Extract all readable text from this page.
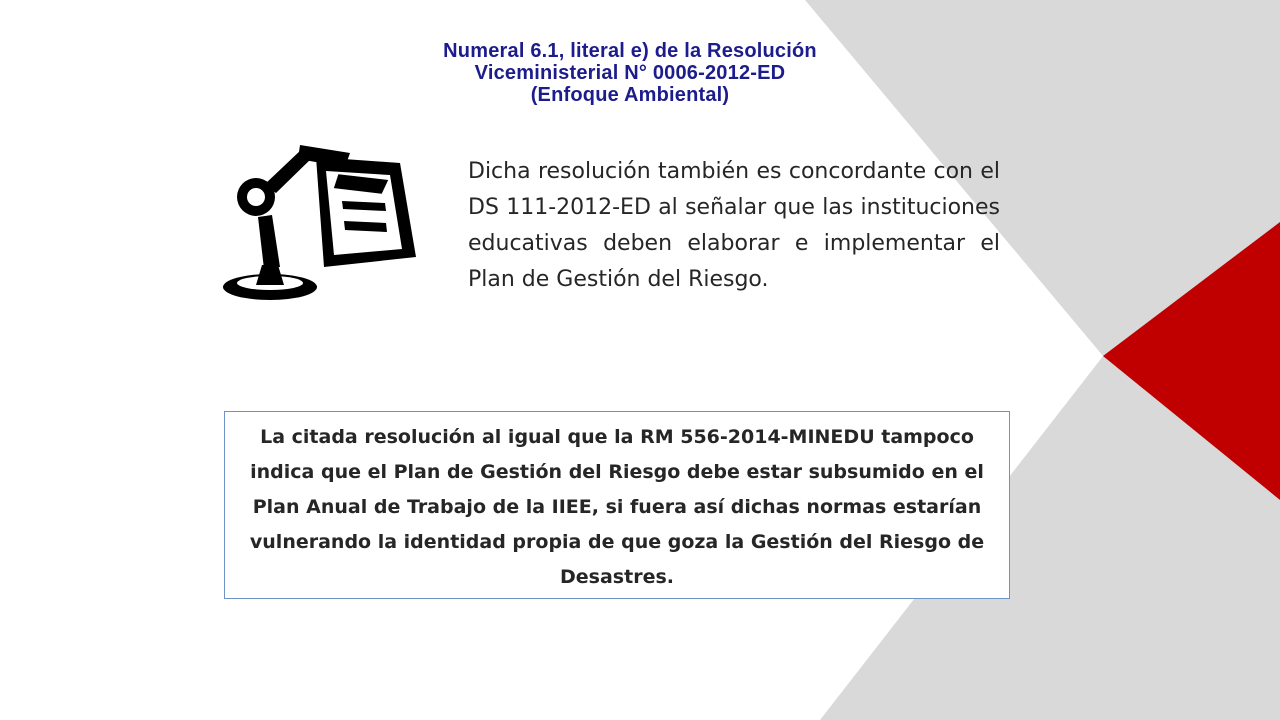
Numeral 6.1, literal e) de la Resolución
Viceministerial N° 0006-2012-ED
(Enfoque Ambiental)

Dicha resolución también es concordante con el DS 111-2012-ED al señalar que las instituciones educativas deben elaborar e implementar el Plan de Gestión del Riesgo.

La citada resolución al igual que la RM 556-2014-MINEDU tampoco indica que el Plan de Gestión del Riesgo debe estar subsumido en el Plan Anual de Trabajo de la IIEE, si fuera así dichas normas estarían vulnerando la identidad propia de que goza la Gestión del Riesgo de Desastres.
